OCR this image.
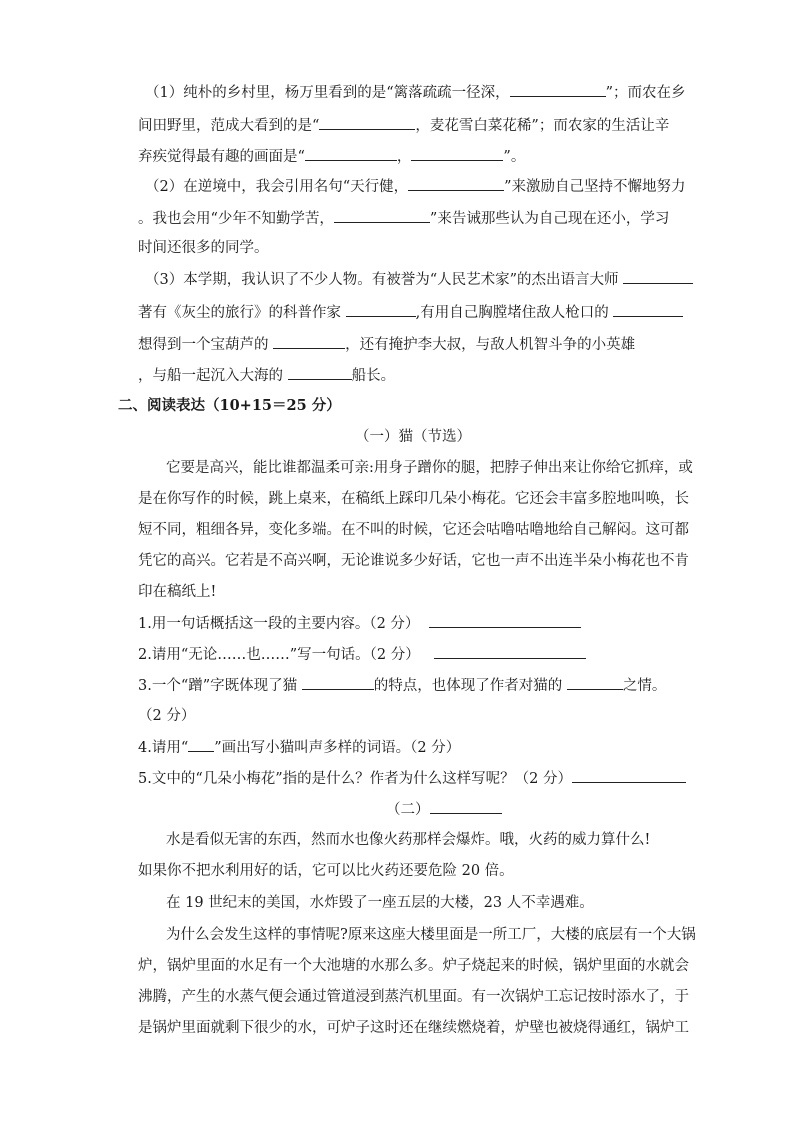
（1）纯朴的乡村里，杨万里看到的是“篱落疏疏一径深，	”；而农在乡
间田野里，范成大看到的是“	，麦花雪白菜花稀”；而农家的生活让辛
弃疾觉得最有趣的画面是“	，	”。
（2）在逆境中，我会引用名句“天行健，	”来激励自己坚持不懈地努力
。我也会用“少年不知勤学苦，	”来告诫那些认为自己现在还小，学习
时间还很多的同学。
（3）本学期，我认识了不少人物。有被誉为“人民艺术家”的杰出语言大师
著有《灰尘的旅行》的科普作家	,有用自己胸膛堵住敌人枪口的
想得到一个宝葫芦的	，还有掩护李大叔，与敌人机智斗争的小英雄
，与船一起沉入大海的	船长。
二、阅读表达（10+15＝25 分）
（一）猫（节选）
它要是高兴，能比谁都温柔可亲:用身子蹭你的腿，把脖子伸出来让你给它抓痒，或
是在你写作的时候，跳上桌来，在稿纸上踩印几朵小梅花。它还会丰富多腔地叫唤，长
短不同，粗细各异，变化多端。在不叫的时候，它还会咕噜咕噜地给自己解闷。这可都
凭它的高兴。它若是不高兴啊，无论谁说多少好话，它也一声不出连半朵小梅花也不肯
印在稿纸上!
1.用一句话概括这一段的主要内容。（2 分）
2.请用“无论……也……”写一句话。（2 分）
3.一个“蹭”字既体现了猫	的特点，也体现了作者对猫的	之情。
（2 分）
4.请用“ ”画出写小猫叫声多样的词语。（2 分）
5.文中的“几朵小梅花”指的是什么？作者为什么这样写呢？（2 分）
（二）
水是看似无害的东西，然而水也像火药那样会爆炸。哦，火药的威力算什么!
如果你不把水利用好的话，它可以比火药还要危险 20 倍。
在 19 世纪末的美国，水炸毁了一座五层的大楼，23 人不幸遇难。
为什么会发生这样的事情呢?原来这座大楼里面是一所工厂，大楼的底层有一个大锅
炉，锅炉里面的水足有一个大池塘的水那么多。炉子烧起来的时候，锅炉里面的水就会
沸腾，产生的水蒸气便会通过管道浸到蒸汽机里面。有一次锅炉工忘记按时添水了，于
是锅炉里面就剩下很少的水，可炉子这时还在继续燃烧着，炉壁也被烧得通红，锅炉工
